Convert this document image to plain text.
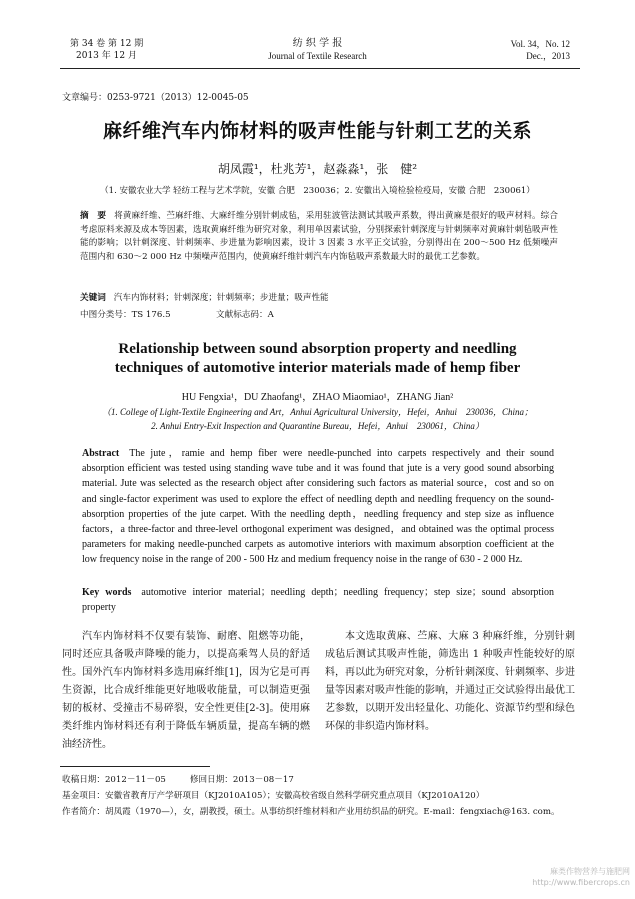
第 34 卷 第 12 期
2013 年 12 月
纺 织 学 报
Journal of Textile Research
Vol. 34，No. 12
Dec.，2013
文章编号：0253-9721（2013）12-0045-05
麻纤维汽车内饰材料的吸声性能与针刺工艺的关系
胡凤霞¹，杜兆芳¹，赵淼淼¹，张　健²
（1. 安徽农业大学 轻纺工程与艺术学院，安徽 合肥　230036；2. 安徽出入境检验检疫局，安徽 合肥　230061）
摘　要 将黄麻纤维、苎麻纤维、大麻纤维分别针刺成毡，采用驻波管法测试其吸声系数，得出黄麻是很好的吸声材料。综合考虑原料来源及成本等因素，选取黄麻纤维为研究对象，利用单因素试验，分别探索针刺深度与针刺频率对黄麻针刺毡吸声性能的影响；以针刺深度、针刺频率、步进量为影响因素，设计 3 因素 3 水平正交试验，分别得出在 200～500 Hz 低频噪声范围内和 630～2 000 Hz 中频噪声范围内，使黄麻纤维针刺汽车内饰毡吸声系数最大时的最优工艺参数。
关键词 汽车内饰材料；针刺深度；针刺频率；步进量；吸声性能
中图分类号：TS 176.5	文献标志码：A
Relationship between sound absorption property and needling techniques of automotive interior materials made of hemp fiber
HU Fengxia¹，DU Zhaofang¹，ZHAO Miaomiao¹，ZHANG Jian²
（1. College of Light-Textile Engineering and Art，Anhui Agricultural University，Hefei，Anhui　230036，China；
2. Anhui Entry-Exit Inspection and Quarantine Bureau，Hefei，Anhui　230061，China）
Abstract The jute，ramie and hemp fiber were needle-punched into carpets respectively and their sound absorption efficient was tested using standing wave tube and it was found that jute is a very good sound absorbing material. Jute was selected as the research object after considering such factors as material source，cost and so on and single-factor experiment was used to explore the effect of needling depth and needling frequency on the sound-absorption properties of the jute carpet. With the needling depth，needling frequency and step size as influence factors，a three-factor and three-level orthogonal experiment was designed，and obtained was the optimal process parameters for making needle-punched carpets as automotive interiors with maximum absorption coefficient at the low frequency noise in the range of 200 - 500 Hz and medium frequency noise in the range of 630 - 2 000 Hz.
Key words automotive interior material；needling depth；needling frequency；step size；sound absorption property
汽车内饰材料不仅要有装饰、耐磨、阻燃等功能，同时还应具备吸声降噪的能力，以提高乘驾人员的舒适性。国外汽车内饰材料多选用麻纤维[1]，因为它是可再生资源，比合成纤维能更好地吸收能量，可以制造更强韧的板材、受撞击不易碎裂，安全性更佳[2-3]。使用麻类纤维内饰材料还有利于降低车辆质量，提高车辆的燃油经济性。
本文选取黄麻、苎麻、大麻 3 种麻纤维，分别针刺成毡后测试其吸声性能，筛选出 1 种吸声性能较好的原料，再以此为研究对象，分析针刺深度、针刺频率、步进量等因素对吸声性能的影响，并通过正交试验得出最优工艺参数，以期开发出轻量化、功能化、资源节约型和绿色环保的非织造内饰材料。
收稿日期：2012－11－05	修回日期：2013－08－17
基金项目：安徽省教育厅产学研项目（KJ2010A105）；安徽高校省级自然科学研究重点项目（KJ2010A120）
作者简介：胡凤霞（1970—），女，副教授，硕士。从事纺织纤维材料和产业用纺织品的研究。E-mail：fengxiach@163. com。
麻类作物营养与施肥网
http://www.fibercrops.cn
